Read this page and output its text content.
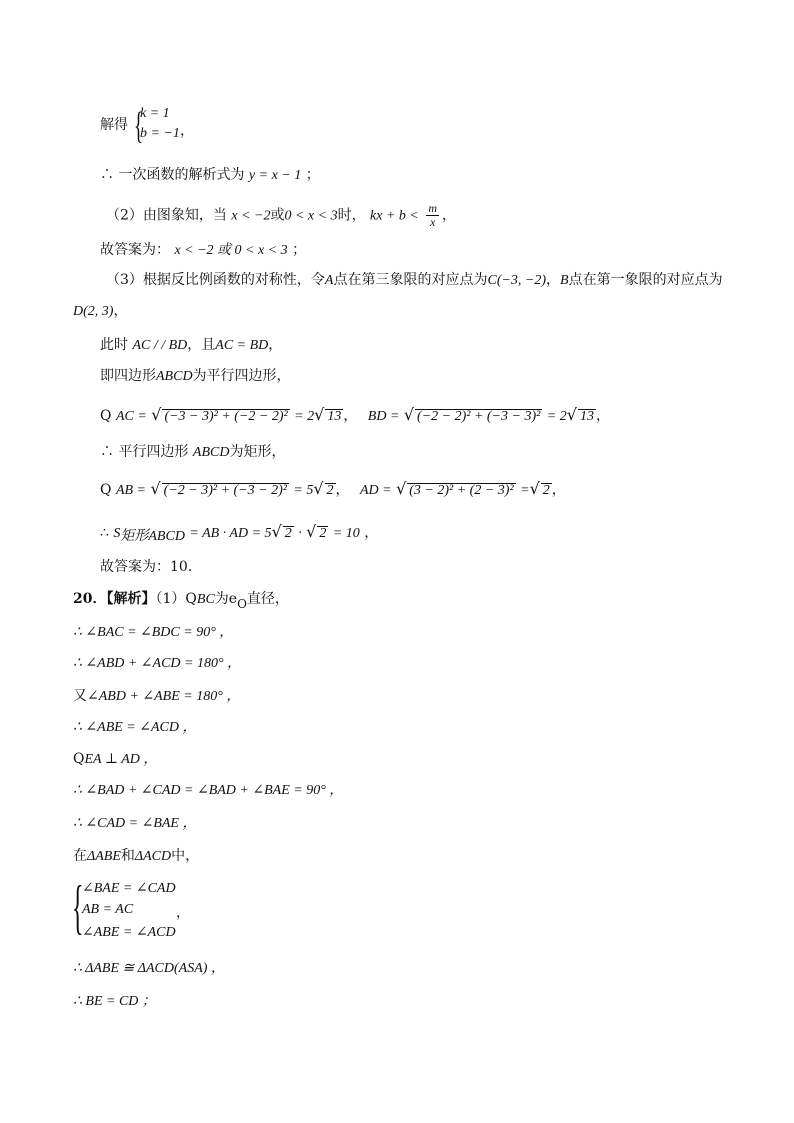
解得 {
k = 1
b = −1 ，
∴ 一次函数的解析式为 y = x − 1 ；
（2）由图象知，当 x < −2或0 < x < 3时， kx + $b < \frac{m}{x}$ ，
故答案为： x < −2 或 0 < x < 3 ；
（3）根据反比例函数的对称性，令A点在第三象限的对应点为C(−3, −2)，B点在第一象限的对应点为
D(2, 3)，
此时 AC / / BD，且AC = BD，
即四边形ABCD为平行四边形，
Q AC = √ (−3 − 3)² + (−2 − 2)² = 2√ 13 ， BD = √ (−2 − 2)² + (−3 − 3)² = 2√ 13 ，
∴ 平行四边形 ABCD为矩形，
Q AB = √ (−2 − 3)² + (−3 − 2)² = 5√ 2 ， AD = √ (3 − 2)² + (2 − 3)² =√ 2 ，
∴ $S_{矩形ABCD}$ = AB · AD = 5√ 2 · √ 2 = 10 ，
故答案为：10．
20．【解析】（1）QBC为$e_O$直径，
∴ ∠BAC = ∠BDC = 90° ，
∴ ∠ABD + ∠ACD = 180° ，
又∠ABD + ∠ABE = 180° ，
∴ ∠ABE = ∠ACD ，
QEA ⊥ AD ，
∴ ∠BAD + ∠CAD = ∠BAD + ∠BAE = 90° ，
∴ ∠CAD = ∠BAE ，
在ΔABE和ΔACD中，
{
∠BAE = ∠CAD
AB = AC
∠ABE = ∠ACD
，
∴ ΔABE ≅ ΔACD(ASA) ，
∴ BE = CD ；
